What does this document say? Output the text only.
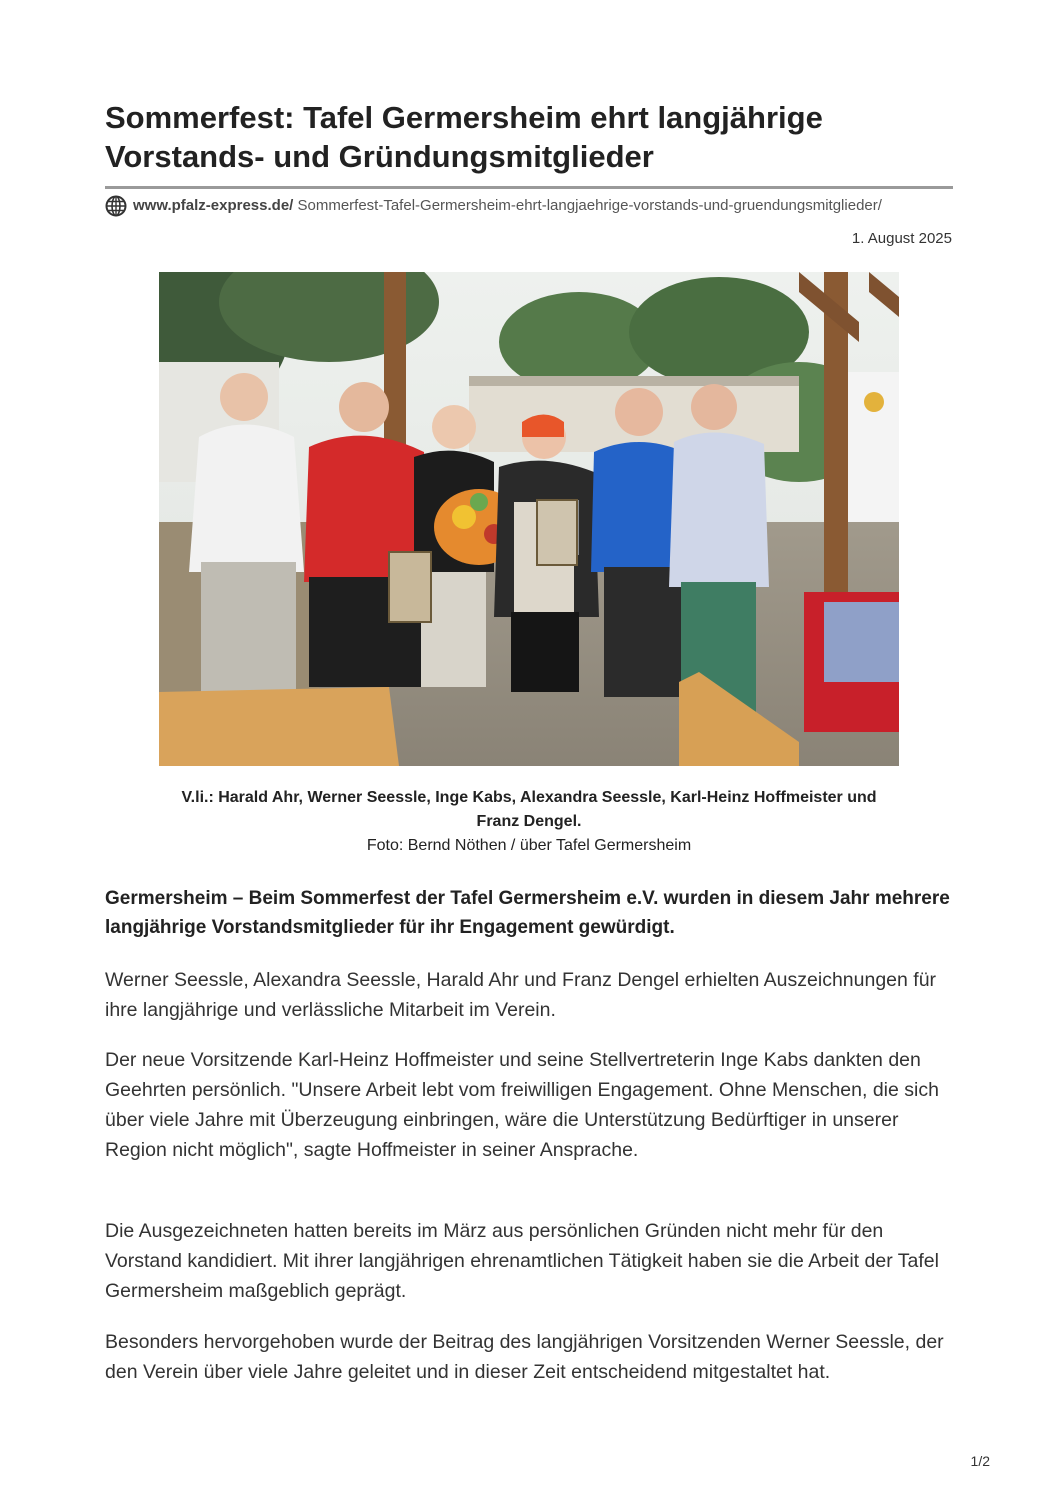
Sommerfest: Tafel Germersheim ehrt langjährige Vorstands- und Gründungsmitglieder
www.pfalz-express.de/ Sommerfest-Tafel-Germersheim-ehrt-langjaehrige-vorstands-und-gruendungsmitglieder/
1. August 2025
V.li.: Harald Ahr, Werner Seessle, Inge Kabs, Alexandra Seessle, Karl-Heinz Hoffmeister und Franz Dengel.
Foto: Bernd Nöthen / über Tafel Germersheim

Germersheim – Beim Sommerfest der Tafel Germersheim e.V. wurden in diesem Jahr mehrere langjährige Vorstandsmitglieder für ihr Engagement gewürdigt.

Werner Seessle, Alexandra Seessle, Harald Ahr und Franz Dengel erhielten Auszeichnungen für ihre langjährige und verlässliche Mitarbeit im Verein.

Der neue Vorsitzende Karl-Heinz Hoffmeister und seine Stellvertreterin Inge Kabs dankten den Geehrten persönlich. "Unsere Arbeit lebt vom freiwilligen Engagement. Ohne Menschen, die sich über viele Jahre mit Überzeugung einbringen, wäre die Unterstützung Bedürftiger in unserer Region nicht möglich", sagte Hoffmeister in seiner Ansprache.

Die Ausgezeichneten hatten bereits im März aus persönlichen Gründen nicht mehr für den Vorstand kandidiert. Mit ihrer langjährigen ehrenamtlichen Tätigkeit haben sie die Arbeit der Tafel Germersheim maßgeblich geprägt.

Besonders hervorgehoben wurde der Beitrag des langjährigen Vorsitzenden Werner Seessle, der den Verein über viele Jahre geleitet und in dieser Zeit entscheidend mitgestaltet hat.

1/2
